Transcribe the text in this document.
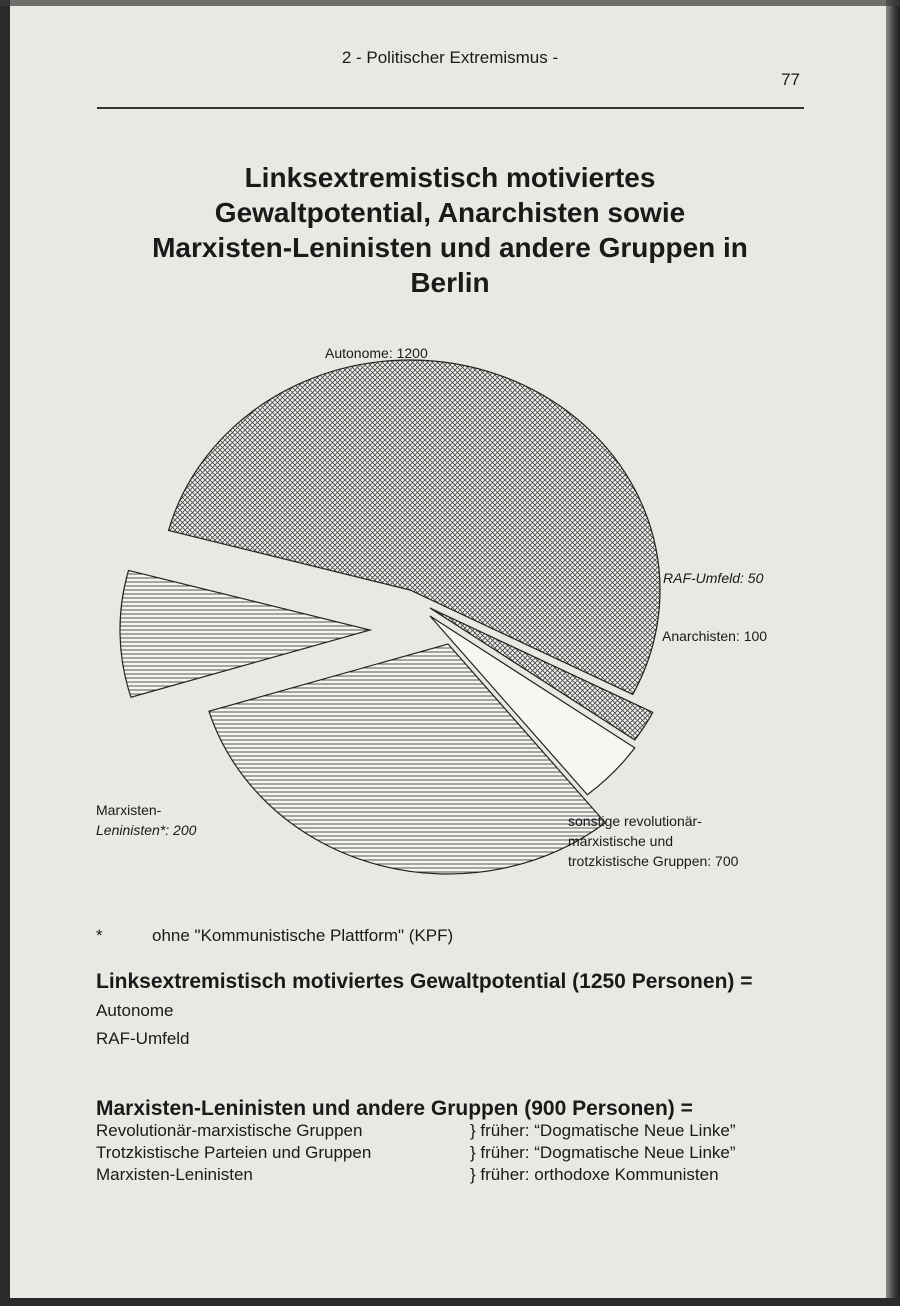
2 - Politischer Extremismus -
77
Linksextremistisch motiviertes Gewaltpotential, Anarchisten sowie Marxisten-Leninisten und andere Gruppen in Berlin
Autonome: 1200
RAF-Umfeld: 50
Anarchisten: 100
sonstige revolutionär-
marxistische und
trotzkistische Gruppen: 700
Marxisten-
Leninisten*: 200
*	ohne "Kommunistische Plattform" (KPF)
Linksextremistisch motiviertes Gewaltpotential (1250 Personen) =
Autonome
RAF-Umfeld
Marxisten-Leninisten und andere Gruppen (900 Personen) =
Revolutionär-marxistische Gruppen	} früher: “Dogmatische Neue Linke”
Trotzkistische Parteien und Gruppen	} früher: “Dogmatische Neue Linke”
Marxisten-Leninisten	} früher: orthodoxe Kommunisten
